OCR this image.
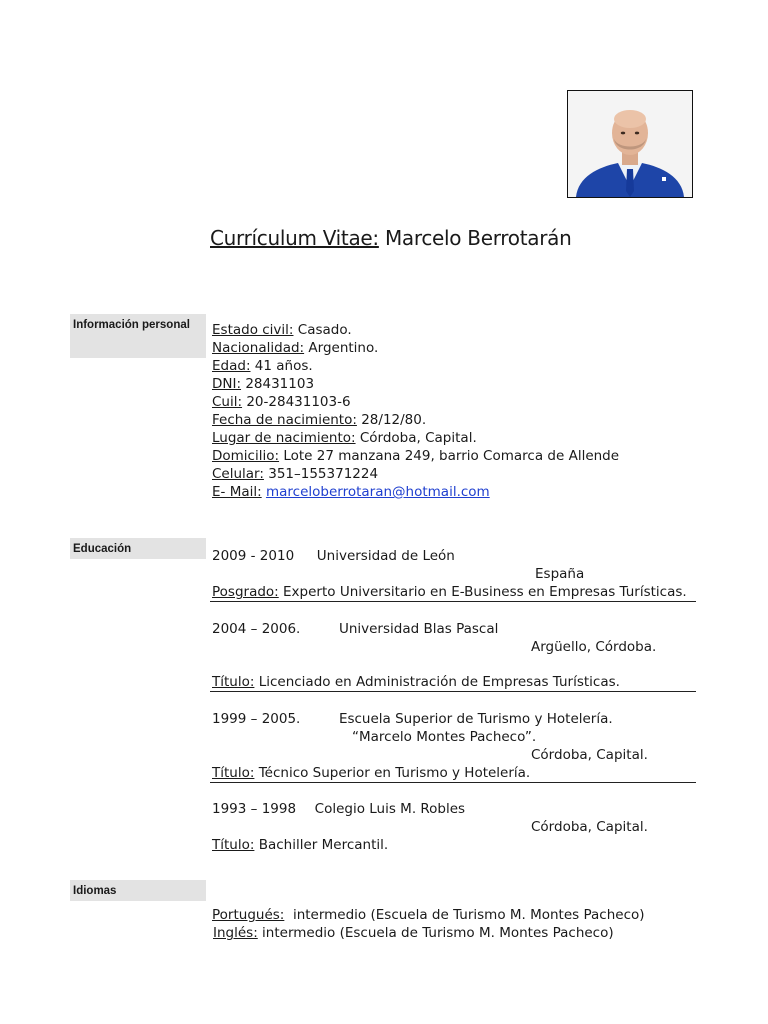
Currículum Vitae: Marcelo Berrotarán
Información personal	Estado civil: Casado.
Nacionalidad: Argentino.
Edad: 41 años.
DNI: 28431103
Cuil: 20-28431103-6
Fecha de nacimiento: 28/12/80.
Lugar de nacimiento: Córdoba, Capital.
Domicilio: Lote 27 manzana 249, barrio Comarca de Allende
Celular: 351–155371224
E- Mail: marceloberrotaran@hotmail.com
Educación	2009 - 2010 Universidad de León
España
Posgrado: Experto Universitario en E-Business en Empresas Turísticas.
2004 – 2006.	Universidad Blas Pascal
Argüello, Córdoba.
Título: Licenciado en Administración de Empresas Turísticas.
1999 – 2005.	Escuela Superior de Turismo y Hotelería.
“Marcelo Montes Pacheco”.
Córdoba, Capital.
Título: Técnico Superior en Turismo y Hotelería.
1993 – 1998 Colegio Luis M. Robles
Córdoba, Capital.
Título: Bachiller Mercantil.
Idiomas
Portugués: intermedio (Escuela de Turismo M. Montes Pacheco)
Inglés: intermedio (Escuela de Turismo M. Montes Pacheco)
